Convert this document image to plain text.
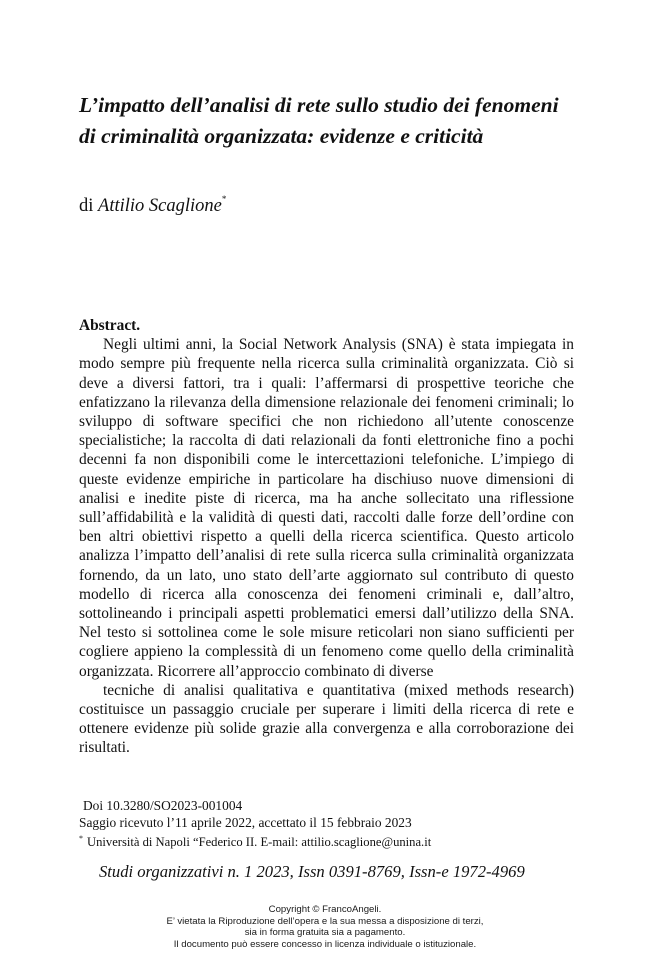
L’impatto dell’analisi di rete sullo studio dei fenomeni
di criminalità organizzata: evidenze e criticità
di Attilio Scaglione*
Abstract.

Negli ultimi anni, la Social Network Analysis (SNA) è stata impiegata in modo sempre più frequente nella ricerca sulla criminalità organizzata. Ciò si deve a diversi fattori, tra i quali: l’affermarsi di prospettive teoriche che enfatizzano la rilevanza della dimensione relazionale dei fenomeni criminali; lo sviluppo di software specifici che non richiedono all’utente conoscenze specialistiche; la raccolta di dati relazionali da fonti elettroniche fino a pochi decenni fa non disponibili come le intercettazioni telefoniche. L’impiego di queste evidenze empiriche in particolare ha dischiuso nuove dimensioni di analisi e inedite piste di ricerca, ma ha anche sollecitato una riflessione sull’affidabilità e la validità di questi dati, raccolti dalle forze dell’ordine con ben altri obiettivi rispetto a quelli della ricerca scientifica. Questo articolo analizza l’impatto dell’analisi di rete sulla ricerca sulla criminalità organizzata fornendo, da un lato, uno stato dell’arte aggiornato sul contributo di questo modello di ricerca alla conoscenza dei fenomeni criminali e, dall’altro, sottolineando i principali aspetti problematici emersi dall’utilizzo della SNA. Nel testo si sottolinea come le sole misure reticolari non siano sufficienti per cogliere appieno la complessità di un fenomeno come quello della criminalità organizzata. Ricorrere all’approccio combinato di diverse

tecniche di analisi qualitativa e quantitativa (mixed methods research) costituisce un passaggio cruciale per superare i limiti della ricerca di rete e ottenere evidenze più solide grazie alla convergenza e alla corroborazione dei risultati.

Doi 10.3280/SO2023-001004
Saggio ricevuto l’11 aprile 2022, accettato il 15 febbraio 2023
* Università di Napoli “Federico II. E-mail: attilio.scaglione@unina.it
Studi organizzativi n. 1 2023, Issn 0391-8769, Issn-e 1972-4969
Copyright © FrancoAngeli.
E’ vietata la Riproduzione dell’opera e la sua messa a disposizione di terzi,
sia in forma gratuita sia a pagamento.
Il documento può essere concesso in licenza individuale o istituzionale.
